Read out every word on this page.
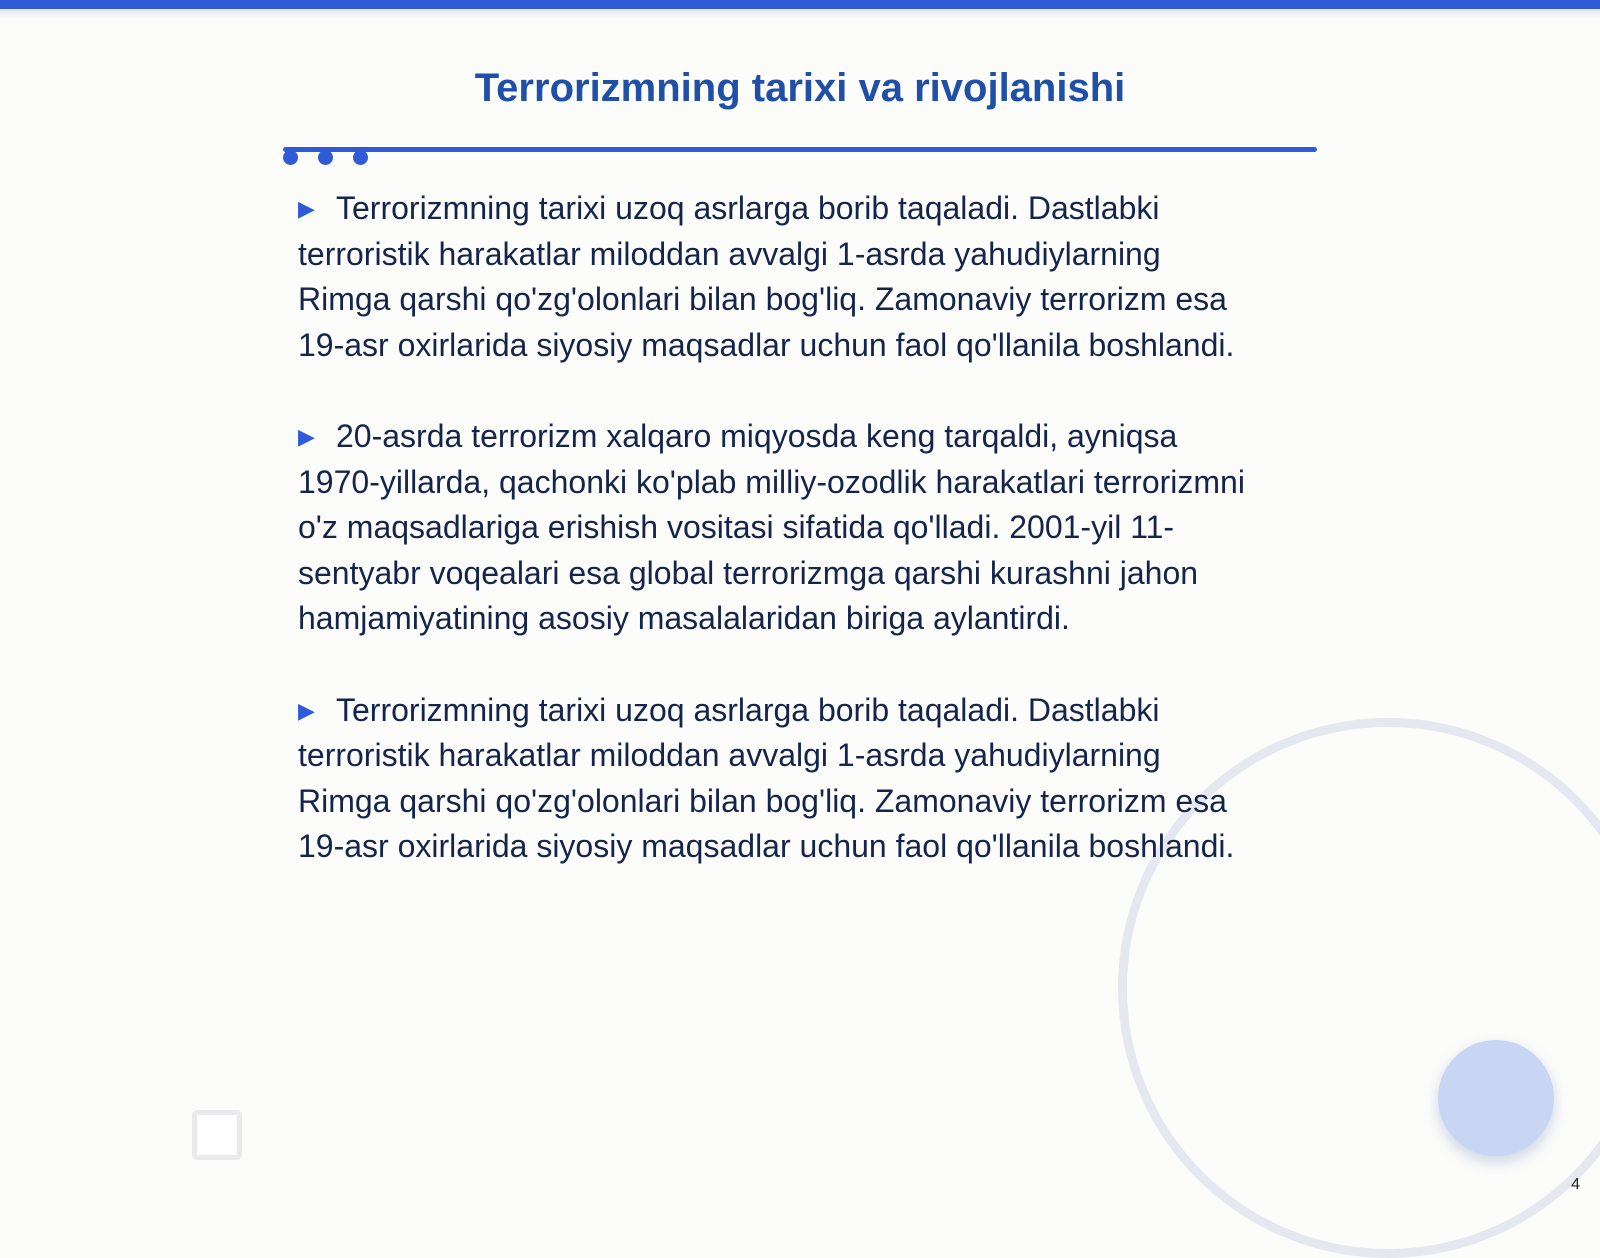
Terrorizmning tarixi va rivojlanishi

▶ Terrorizmning tarixi uzoq asrlarga borib taqaladi. Dastlabki terroristik harakatlar miloddan avvalgi 1-asrda yahudiylarning Rimga qarshi qo'zg'olonlari bilan bog'liq. Zamonaviy terrorizm esa 19-asr oxirlarida siyosiy maqsadlar uchun faol qo'llanila boshlandi.

▶ 20-asrda terrorizm xalqaro miqyosda keng tarqaldi, ayniqsa 1970-yillarda, qachonki ko'plab milliy-ozodlik harakatlari terrorizmni o'z maqsadlariga erishish vositasi sifatida qo'lladi. 2001-yil 11-sentyabr voqealari esa global terrorizmga qarshi kurashni jahon hamjamiyatining asosiy masalalaridan biriga aylantirdi.

▶ Terrorizmning tarixi uzoq asrlarga borib taqaladi. Dastlabki terroristik harakatlar miloddan avvalgi 1-asrda yahudiylarning Rimga qarshi qo'zg'olonlari bilan bog'liq. Zamonaviy terrorizm esa 19-asr oxirlarida siyosiy maqsadlar uchun faol qo'llanila boshlandi.

4
